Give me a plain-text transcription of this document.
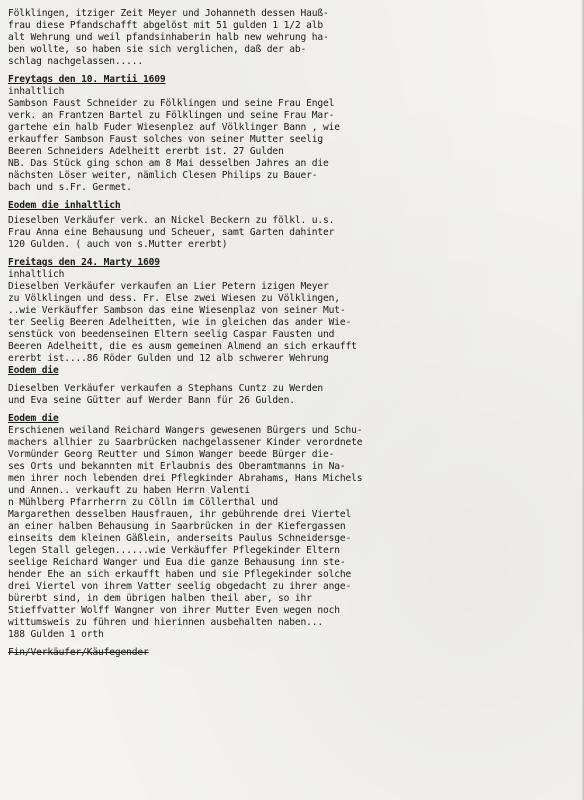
Fölklingen, itziger Zeit Meyer und Johanneth dessen Hauß-
frau diese Pfandschafft abgelöst mit 51 gulden 1 1/2 alb
alt Wehrung und weil pfandsinhaberin halb new wehrung ha-
ben wollte, so haben sie sich verglichen, daß der ab-
schlag nachgelassen.....
Freytags den 10. Martii 1609
inhaltlich
Sambson Faust Schneider zu Fölklingen und seine Frau Engel
verk. an Frantzen Bartel zu Fölklingen und seine Frau Mar-
gartehe ein halb Fuder Wiesenplez auf Völklinger Bann , wie
erkauffer Sambson Faust solches von seiner Mutter seelig
Beeren Schneiders Adelheitt ererbt ist. 27 Gulden
NB. Das Stück ging schon am 8 Mai desselben Jahres an die
nächsten Löser weiter, nämlich Clesen Philips zu Bauer-
bach und s.Fr. Germet.
Eodem die inhaltlich
Dieselben Verkäufer verk. an Nickel Beckern zu fölkl. u.s.
Frau Anna eine Behausung und Scheuer, samt Garten dahinter
120 Gulden. ( auch von s.Mutter ererbt)
Freitags den 24. Marty 1609
inhaltlich
Dieselben Verkäufer verkaufen an Lier Petern izigen Meyer
zu Völklingen und dess. Fr. Else zwei Wiesen zu Völklingen,
..wie Verkäuffer Sambson das eine Wiesenplaz von seiner Mut-
ter Seelig Beeren Adelheitten, wie in gleichen das ander Wie-
senstück von beedenseinen Eltern seelig Caspar Fausten und
Beeren Adelheitt, die es ausm gemeinen Almend an sich erkaufft
ererbt ist....86 Röder Gulden und 12 alb schwerer Wehrung
Eodem die
Dieselben Verkäufer verkaufen a Stephans Cuntz zu Werden
und Eva seine Gütter auf Werder Bann für 26 Gulden.
Eodem die
Erschienen weiland Reichard Wangers gewesenen Bürgers und Schu-
machers allhier zu Saarbrücken nachgelassener Kinder verordnete
Vormünder Georg Reutter und Simon Wanger beede Bürger die-
ses Orts und bekannten mit Erlaubnis des Oberamtmanns in Na-
men ihrer noch lebenden drei Pflegkinder Abrahams, Hans Michels
und Annen.. verkauft zu haben Herrn Valenti
n Mühlberg Pfarrherrn zu Cölln im Cöllerthal und
Margarethen desselben Hausfrauen, ihr gebührende drei Viertel
an einer halben Behausung in Saarbrücken in der Kiefergassen
einseits dem kleinen Gäßlein, anderseits Paulus Schneidersge-
legen Stall gelegen......wie Verkäuffer Pflegekinder Eltern
seelige Reichard Wanger und Eua die ganze Behausung inn ste-
hender Ehe an sich erkaufft haben und sie Pflegekinder solche
drei Viertel von ihrem Vatter seelig obgedacht zu ihrer ange-
bürerbt sind, in dem übrigen halben theil aber, so ihr
Stieffvatter Wolff Wangner von ihrer Mutter Even wegen noch
wittumsweis zu führen und hierinnen ausbehalten naben...
188 Gulden 1 orth
Fin/Verkäufer/Käufegender
